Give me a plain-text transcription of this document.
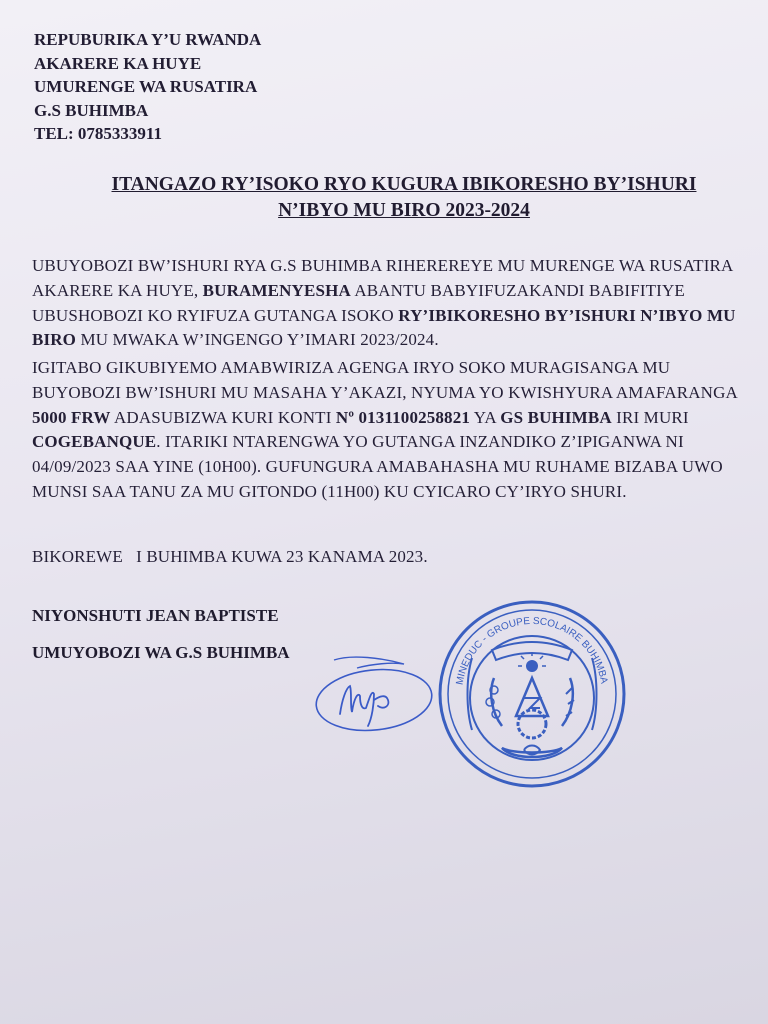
REPUBURIKA Y’U RWANDA
AKARERE KA HUYE
UMURENGE WA RUSATIRA
G.S BUHIMBA
TEL: 0785333911
ITANGAZO RY’ISOKO RYO KUGURA IBIKORESHO BY’ISHURI
N’IBYO MU BIRO 2023-2024
UBUYOBOZI BW’ISHURI RYA G.S BUHIMBA RIHEREREYE MU MURENGE WA RUSATIRA AKARERE KA HUYE, BURAMENYESHA ABANTU BABYIFUZAKANDI BABIFITIYE UBUSHOBOZI KO RYIFUZA GUTANGA ISOKO RY’IBIKORESHO BY’ISHURI N’IBYO MU BIRO MU MWAKA W’INGENGO Y’IMARI 2023/2024.
IGITABO GIKUBIYEMO AMABWIRIZA AGENGA IRYO SOKO MURAGISANGA MU BUYOBOZI BW’ISHURI MU MASAHA Y’AKAZI, NYUMA YO KWISHYURA AMAFARANGA 5000 FRW ADASUBIZWA KURI KONTI Nº 0131100258821 YA GS BUHIMBA IRI MURI COGEBANQUE. ITARIKI NTARENGWA YO GUTANGA INZANDIKO Z’IPIGANWA NI 04/09/2023 SAA YINE (10H00). GUFUNGURA AMABAHASHA MU RUHAME BIZABA UWO MUNSI SAA TANU ZA MU GITONDO (11H00) KU CYICARO CY’IRYO SHURI.
BIKOREWE   I BUHIMBA KUWA 23 KANAMA 2023.
NIYONSHUTI JEAN BAPTISTE
UMUYOBOZI WA G.S BUHIMBA
MINEDUC - GROUPE SCOLAIRE BUHIMBA
